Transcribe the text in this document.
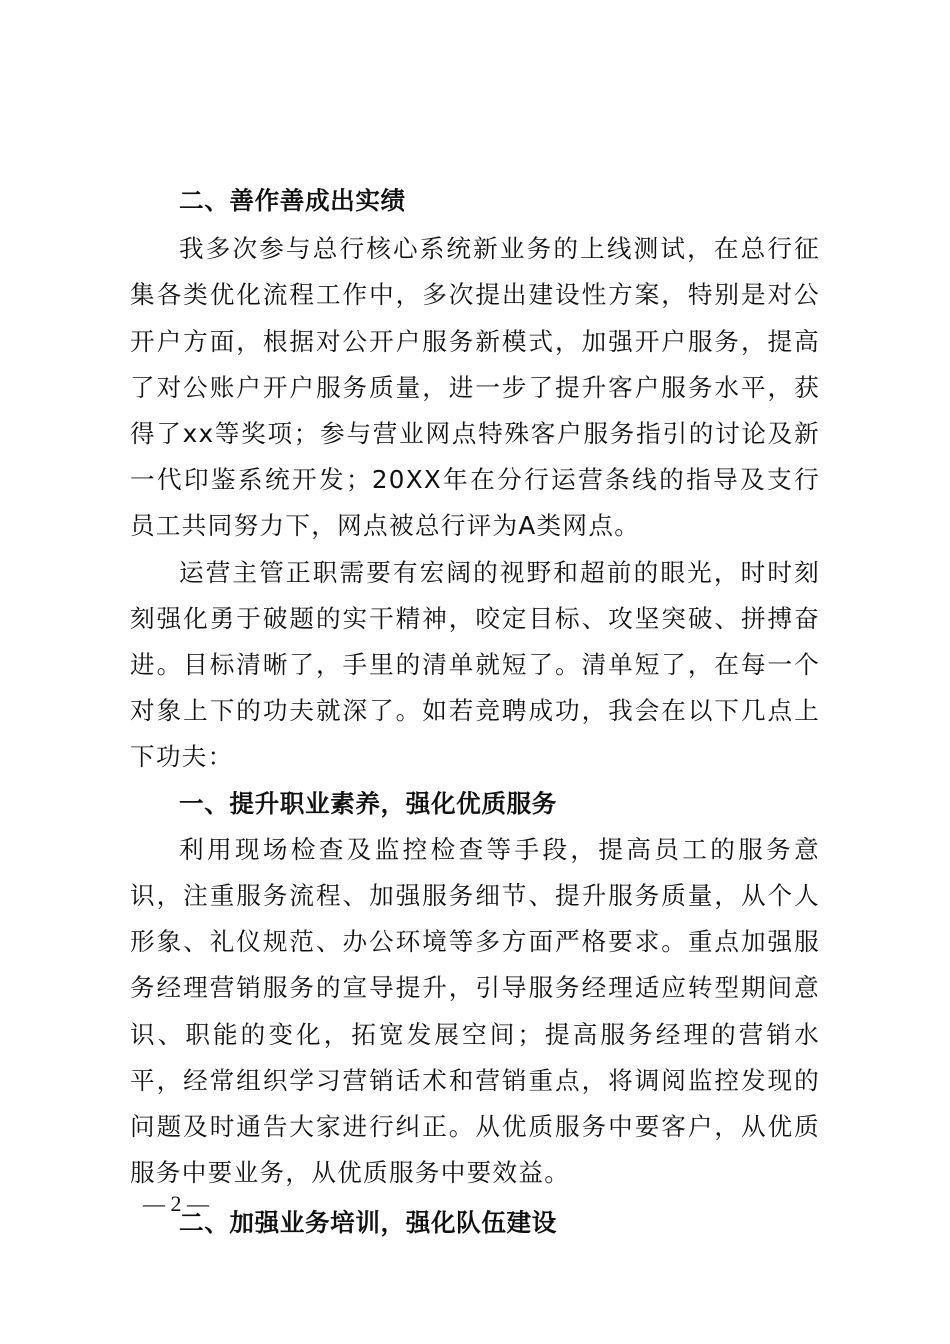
二、善作善成出实绩

我多次参与总行核心系统新业务的上线测试，在总行征集各类优化流程工作中，多次提出建设性方案，特别是对公开户方面，根据对公开户服务新模式，加强开户服务，提高了对公账户开户服务质量，进一步了提升客户服务水平，获得了xx等奖项；参与营业网点特殊客户服务指引的讨论及新一代印鉴系统开发；20XX年在分行运营条线的指导及支行员工共同努力下，网点被总行评为A类网点。

运营主管正职需要有宏阔的视野和超前的眼光，时时刻刻强化勇于破题的实干精神，咬定目标、攻坚突破、拼搏奋进。目标清晰了，手里的清单就短了。清单短了，在每一个对象上下的功夫就深了。如若竞聘成功，我会在以下几点上下功夫：

一、提升职业素养，强化优质服务

利用现场检查及监控检查等手段，提高员工的服务意识，注重服务流程、加强服务细节、提升服务质量，从个人形象、礼仪规范、办公环境等多方面严格要求。重点加强服务经理营销服务的宣导提升，引导服务经理适应转型期间意识、职能的变化，拓宽发展空间；提高服务经理的营销水平，经常组织学习营销话术和营销重点，将调阅监控发现的问题及时通告大家进行纠正。从优质服务中要客户，从优质服务中要业务，从优质服务中要效益。

二、加强业务培训，强化队伍建设

— 2 —
